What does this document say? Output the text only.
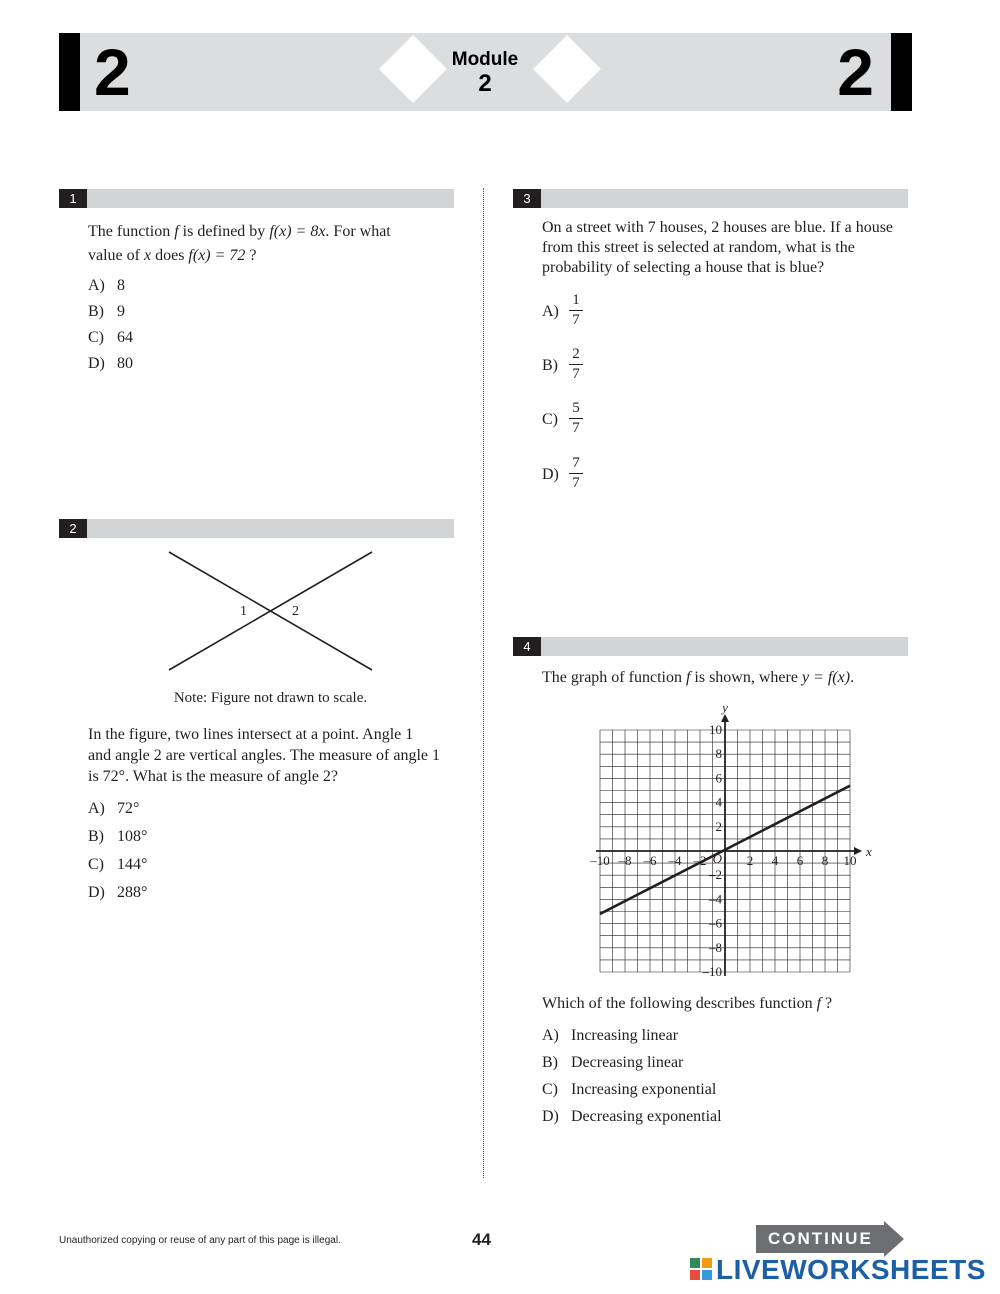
2	Module
2	2
1
The function f is defined by f(x) = 8x. For what
value of x does f(x) = 72 ?
A) 8
B) 9
C) 64
D) 80
2
1	2
Note: Figure not drawn to scale.
In the figure, two lines intersect at a point. Angle 1 and angle 2 are vertical angles. The measure of angle 1 is 72°. What is the measure of angle 2?
A) 72°
B) 108°
C) 144°
D) 288°
3
On a street with 7 houses, 2 houses are blue. If a house from this street is selected at random, what is the probability of selecting a house that is blue?
A)
1
7
B)
2
7
C)
5
7
D)
7
7
4
The graph of function f is shown, where y = f(x).
–10 –8 –6 –4 –2	2 4 6 8 10
10
8
6
4
2
–2
–4
–6
–8
–10
O	x
y
Which of the following describes function f ?
A) Increasing linear
B) Decreasing linear
C) Increasing exponential
D) Decreasing exponential
Unauthorized copying or reuse of any part of this page is illegal.	44	CONTINUE
LIVEWORKSHEETS
